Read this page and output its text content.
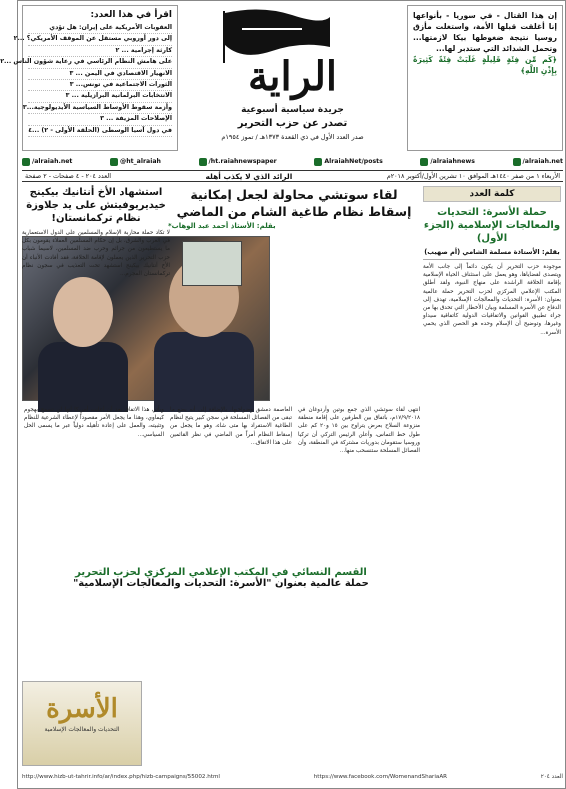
إن هذا القتال - في سوريا - بأنواعها إنا أغلقت قبلها الأمة، واستغلت مأزق روسيا نتيجة ضغوطها بيكا لازمتها... وتحمل الشدائد التي ستدبر لها...

﴿كَم مِّن فِئَةٍ قَلِيلَةٍ غَلَبَتْ فِئَةً كَثِيرَةً بِإِذْنِ اللَّهِ﴾

الراية
جريدة سياسية أسبوعية
تصدر عن حزب التحرير
صدر العدد الأول في ذي القعدة ١٣٧٣هـ / تموز ١٩٥٤م
اقرأ في هذا العدد:
العقوبات الأمريكية على إيران: هل تؤدي
إلى دور أوروبي مستقل عن الموقف الأمريكي؟ ...٢
كارثة إجرامية ... ٢
على هامش النظام الرئاسي في رعاية شؤون الناس ...٢
الانهيار الاقتصادي في اليمن ... ٣
الثورات الاجتماعية في تونس... ٣
الانتخابات البرلمانية البرازيلية ... ٣
وأزمة سقوط الأوساط السياسية الأيديولوجية...٣
الإصلاحات المزيفة ... ٣
في دول آسيا الوسطى (الحلقة الأولى - ٢) ...٤
/alraiah.net	@ht_alraiah	/ht.raiahnewspaper	AlraiahNet/posts	/alraiahnews	/alraiah.net
الأربعاء ١ من صفر ١٤٤٠هـ الموافق ١٠ تشرين الأول/أكتوبر ٢٠١٨م
الرائد الذي لا يكذب أهله
العدد ٢٠٤ - ٤ صفحات - ٢ صفحة
كلمة العدد
حملة الأسرة: التحديات والمعالجات الإسلامية (الجزء الأول)
بقلم: الأستاذة مسلمة الشامي (أم صهيب)
موجودة حزب التحرير أن يكون دائماً إلى جانب الأمة ويتصدى لقضاياها، وهو يعمل على استئناف الحياة الإسلامية بإقامة الخلافة الراشدة على منهاج النبوة، ولقد أطلق المكتب الإعلامي المركزي لحزب التحرير حملة عالمية بعنوان: الأسرة: التحديات والمعالجات الإسلامية، تهدف إلى الدفاع عن الأسرة المسلمة وبيان الأخطار التي تحدق بها من جراء تطبيق القوانين والاتفاقيات الدولية كاتفاقية سيداو وغيرها، وتوضيح أن الإسلام وحده هو الحصن الذي يحمي الأسرة...
لقاء سوتشي محاولة لجعل إمكانية
إسقاط نظام طاغية الشام من الماضي
بقلم: الأستاذ أحمد عبد الوهاب*
انتهى لقاء سوتشي الذي جمع بوتين وأردوغان في ١٧/٩/٢٠١٨م، باتفاق بين الطرفين على إقامة منطقة منزوعة السلاح بعرض يتراوح بين ١٥ و٢٠ كم على طول خط التماس، وأعلن الرئيس التركي أن تركيا وروسيا ستقومان بدوريات مشتركة في المنطقة، وأن الفصائل المسلحة ستنسحب منها...
العاصمة دمشق وضواحيها، بالإضافة إلى أنه يضع ما تبقى من الفصائل المسلحة في سجن كبير يتيح لنظام الطاغية الاستفراد بها متى شاء، وهو ما يجعل من إسقاط النظام أمراً من الماضي في نظر القائمين على هذا الاتفاق...
ويأتي هذا الاتفاق بعد أن أعلنت أمريكا أنها لن تسمح بهجوم كيماوي، وهذا ما يجعل الأمر مقصوداً لإعطاء الشرعية للنظام وتثبيته، والعمل على إعادة تأهيله دولياً عبر ما يسمى الحل السياسي...
استشهاد الأخ أنتانيك بيكينج خيديريوفيتش على يد جلاوزة نظام تركمانستان!
لا تكاد حملة محاربة الإسلام والمسلمين على الدول الاستعمارية في الغرب والشرق، بل إن حكام المسلمين العملاء يقومون بكل ما يستطيعون من جرائم وحرب ضد المسلمين، لاسيما شباب حزب التحرير الذين يعملون لإقامة الخلافة، فقد أفادت الأنباء أن الأخ أنتانيك بيكينج استشهد تحت التعذيب في سجون نظام تركمانستان المجرم...
القسم النسائي في المكتب الإعلامي المركزي لحزب التحرير
حملة عالمية بعنوان "الأسرة: التحديات والمعالجات الإسلامية"
الأسرة
التحديات والمعالجات الإسلامية
http://www.hizb-ut-tahrir.info/ar/index.php/hizb-campaigns/55002.html	https://www.facebook.com/WomenandShariaAR	العدد ٢٠٤
